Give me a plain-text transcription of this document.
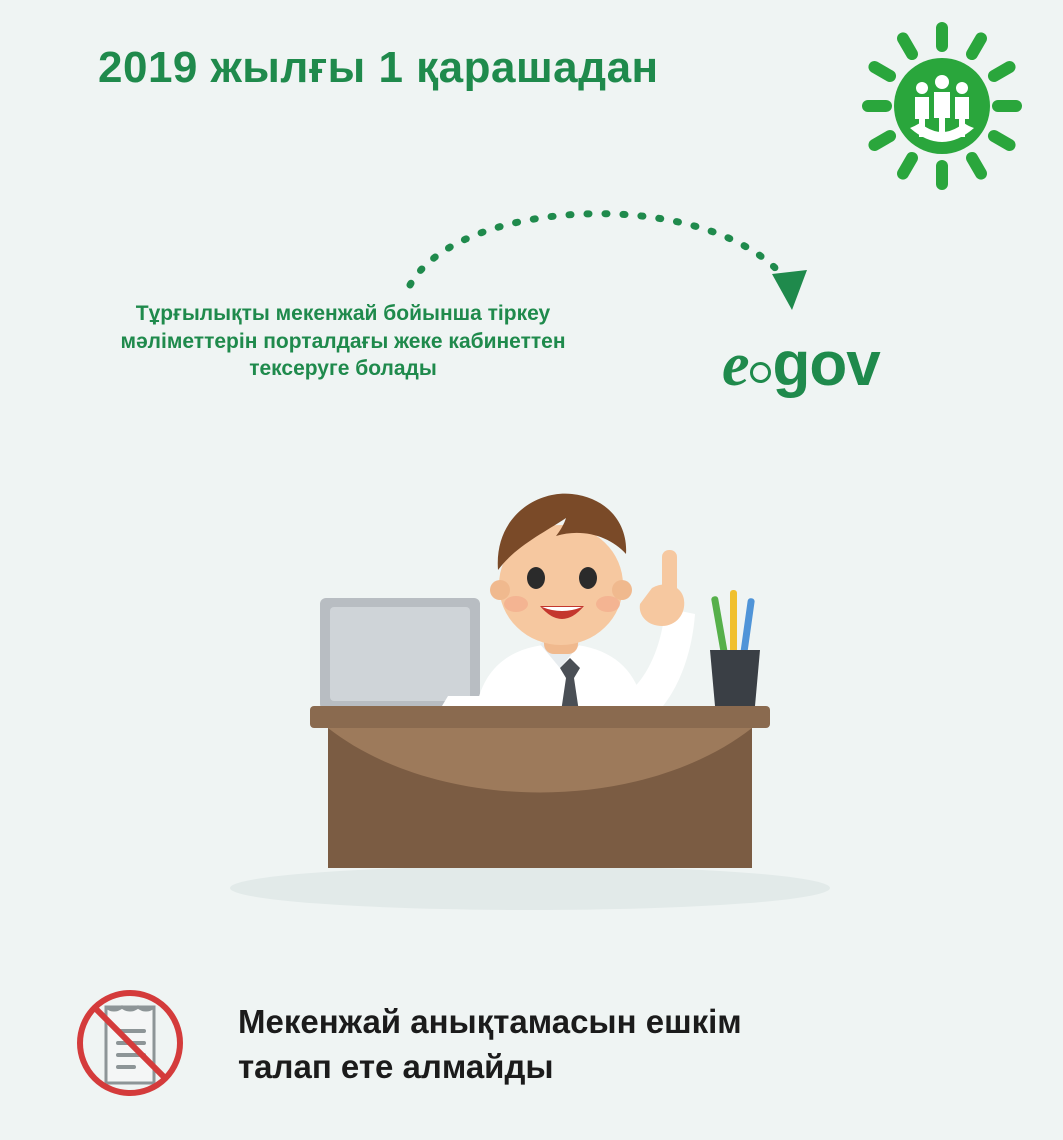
2019 жылғы 1 қарашадан
Тұрғылықты мекенжай бойынша тіркеу мәліметтерін порталдағы жеке кабинеттен тексеруге болады	e gov
Мекенжай анықтамасын ешкім талап ете алмайды
